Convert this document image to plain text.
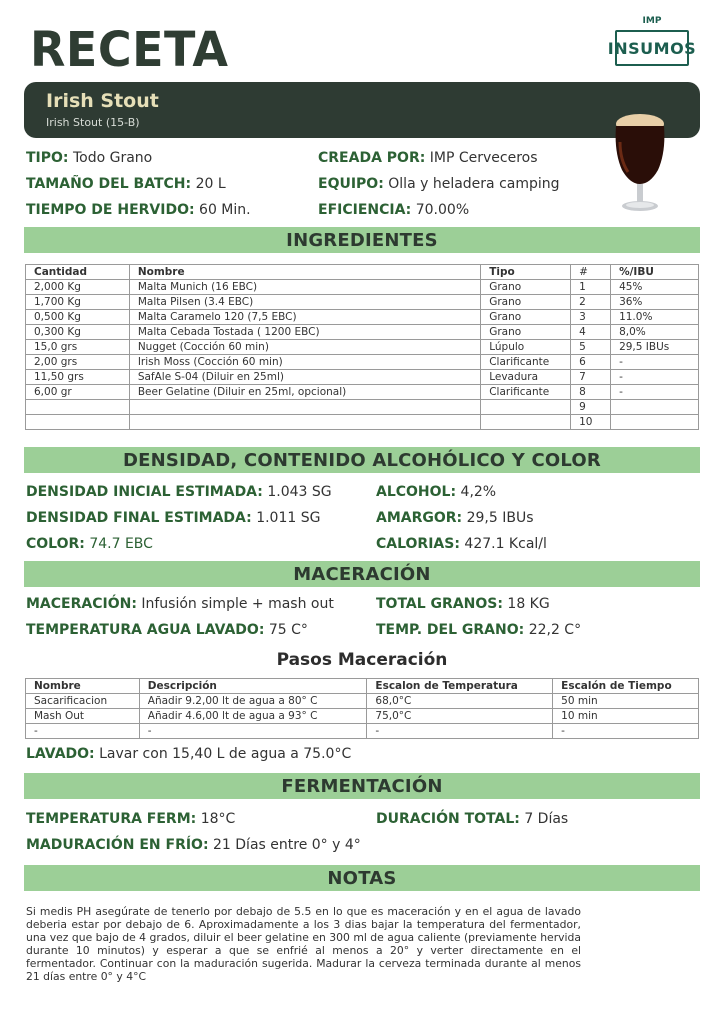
RECETA	IMP
INSUMOS
Irish Stout
Irish Stout (15-B)
TIPO: Todo Grano	CREADA POR: IMP Cerveceros
TAMAÑO DEL BATCH: 20 L	EQUIPO: Olla y heladera camping
TIEMPO DE HERVIDO: 60 Min.	EFICIENCIA: 70.00%
INGREDIENTES
Cantidad	Nombre	Tipo	#	%/IBU
2,000 Kg	Malta Munich (16 EBC)	Grano	1	45%
1,700 Kg	Malta Pilsen (3.4 EBC)	Grano	2	36%
0,500 Kg	Malta Caramelo 120 (7,5 EBC)	Grano	3	11.0%
0,300 Kg	Malta Cebada Tostada ( 1200 EBC)	Grano	4	8,0%
15,0 grs	Nugget (Cocción 60 min)	Lúpulo	5	29,5 IBUs
2,00 grs	Irish Moss (Cocción 60 min)	Clarificante	6	-
11,50 grs	SafAle S-04 (Diluir en 25ml)	Levadura	7	-
6,00 gr	Beer Gelatine (Diluir en 25ml, opcional)	Clarificante	8	-
			9	
			10	
DENSIDAD, CONTENIDO ALCOHÓLICO Y COLOR
DENSIDAD INICIAL ESTIMADA: 1.043 SG	ALCOHOL: 4,2%
DENSIDAD FINAL ESTIMADA: 1.011 SG	AMARGOR: 29,5 IBUs
COLOR: 74.7 EBC	CALORIAS: 427.1 Kcal/l
MACERACIÓN
MACERACIÓN: Infusión simple + mash out	TOTAL GRANOS: 18 KG
TEMPERATURA AGUA LAVADO: 75 C°	TEMP. DEL GRANO: 22,2 C°
Pasos Maceración
Nombre	Descripción	Escalon de Temperatura	Escalón de Tiempo
Sacarificacion	Añadir 9.2,00 lt de agua a 80° C	68,0°C	50 min
Mash Out	Añadir 4.6,00 lt de agua a 93° C	75,0°C	10 min
-	-	-	-
LAVADO: Lavar con 15,40 L de agua a 75.0°C
FERMENTACIÓN
TEMPERATURA FERM: 18°C	DURACIÓN TOTAL: 7 Días
MADURACIÓN EN FRÍO: 21 Días entre 0° y 4°
NOTAS
Si medis PH asegúrate de tenerlo por debajo de 5.5 en lo que es maceración y en el agua de lavado deberia estar por debajo de 6. Aproximadamente a los 3 dias bajar la temperatura del fermentador, una vez que bajo de 4 grados, diluir el beer gelatine en 300 ml de agua caliente (previamente hervida durante 10 minutos) y esperar a que se enfrié al menos a 20° y verter directamente en el fermentador. Continuar con la maduración sugerida. Madurar la cerveza terminada durante al menos 21 días entre 0° y 4°C
